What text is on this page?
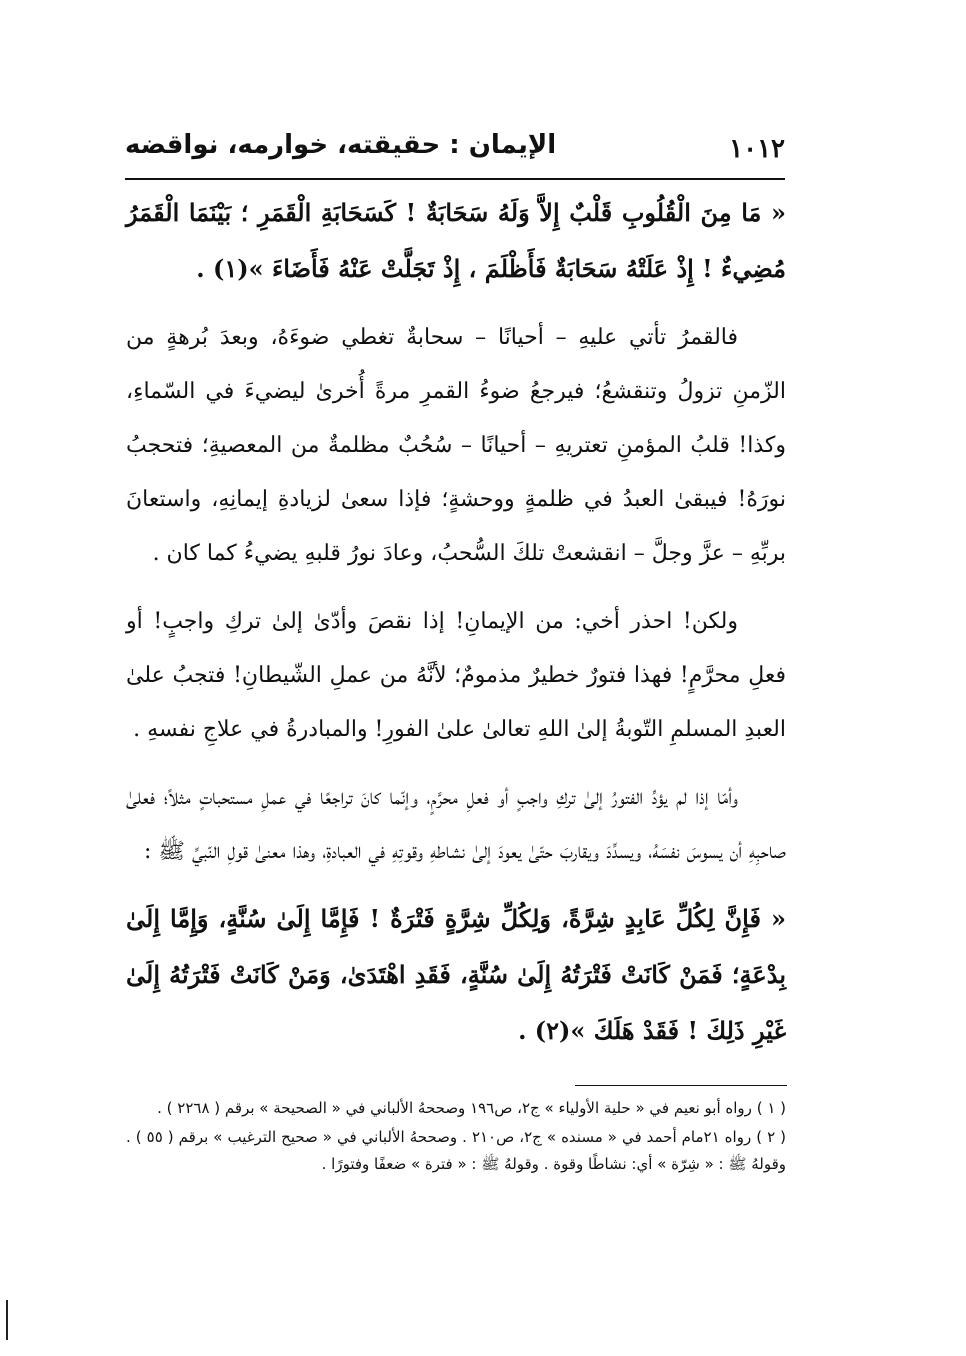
١٠١٢
الإيمان : حقيقته، خوارمه، نواقضه

« مَا مِنَ الْقُلُوبِ قَلْبٌ إِلاَّ وَلَهُ سَحَابَةٌ ! كَسَحَابَةِ الْقَمَرِ ؛ بَيْنَمَا الْقَمَرُ مُضِيءٌ ! إِذْ عَلَتْهُ سَحَابَةٌ فَأَظْلَمَ ، إِذْ تَجَلَّتْ عَنْهُ فَأَضَاءَ »(١) .

فالقمرُ تأتي عليهِ – أحيانًا – سحابةٌ تغطي ضوءَهُ، وبعدَ بُرهةٍ من الزّمنِ تزولُ وتنقشعُ؛ فيرجعُ ضوءُ القمرِ مرةً أُخرىٰ ليضيءَ في السّماءِ، وكذا! قلبُ المؤمنِ تعتريهِ – أحيانًا – سُحُبٌ مظلمةٌ من المعصيةِ؛ فتحجبُ نورَهُ! فيبقىٰ العبدُ في ظلمةٍ ووحشةٍ؛ فإذا سعىٰ لزيادةِ إيمانِهِ، واستعانَ بربِّهِ – عزَّ وجلَّ – انقشعتْ تلكَ السُّحبُ، وعادَ نورُ قلبهِ يضيءُ كما كان .

ولكن! احذر أخي: من الإيمانِ! إذا نقصَ وأدّىٰ إلىٰ تركِ واجبٍ! أو فعلِ محرَّمٍ! فهذا فتورٌ خطيرٌ مذمومٌ؛ لأنَّهُ من عملِ الشّيطانِ! فتجبُ علىٰ العبدِ المسلمِ التّوبةُ إلىٰ اللهِ تعالىٰ علىٰ الفورِ! والمبادرةُ في علاجِ نفسهِ .

وأمّا إذا لم يؤدِّ الفتورُ إلىٰ تركِ واجبٍ أو فعلِ محرَّمٍ، وإنّما كانَ تراجعًا في عملِ مستحباتٍ مثلاً؛ فعلىٰ صاحبِهِ أن يسوسَ نفسَهُ، ويسدِّدَ ويقاربَ حتّىٰ يعودَ إلىٰ نشاطهِ وقوتِهِ في العبادةِ، وهذا معنىٰ قولِ النّبيِّ ﷺ :

« فَإِنَّ لِكُلِّ عَابِدٍ شِرَّةً، وَلِكُلِّ شِرَّةٍ فَتْرَةٌ ! فَإِمَّا إِلَىٰ سُنَّةٍ، وَإِمَّا إِلَىٰ بِدْعَةٍ؛ فَمَنْ كَانَتْ فَتْرَتُهُ إِلَىٰ سُنَّةٍ، فَقَدِ اهْتَدَىٰ، وَمَنْ كَانَتْ فَتْرَتُهُ إِلَىٰ غَيْرِ ذَلِكَ ! فَقَدْ هَلَكَ »(٢) .

( ١ ) رواه أبو نعيم في « حلية الأولياء » ج٢، ص١٩٦ وصححهُ الألباني في « الصحيحة » برقم ( ٢٢٦٨ ) .

( ٢ ) رواه ٢١مام أحمد في « مسنده » ج٢، ص٢١٠ . وصححهُ الألباني في « صحيح الترغيب » برقم ( ٥٥ ) . وقولهُ ﷺ : « شِرّة » أي: نشاطًا وقوة . وقولهُ ﷺ : « فترة » ضعفًا وفتورًا .
